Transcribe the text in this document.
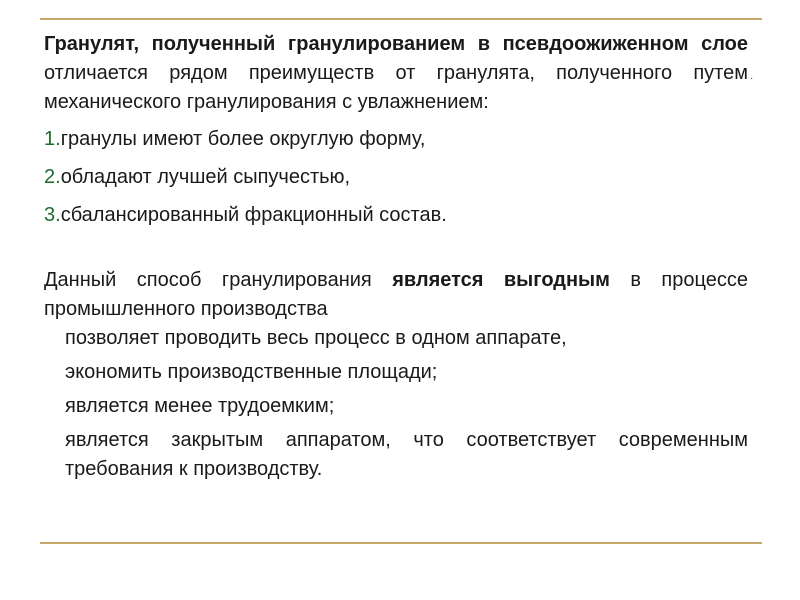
·

Гранулят, полученный гранулированием в псевдоожиженном слое отличается рядом преимуществ от гранулята, полученного путем механического гранулирования с увлажнением:

1. гранулы имеют более округлую форму,
2. обладают лучшей сыпучестью,
3. сбалансированный фракционный состав.

Данный способ гранулирования является выгодным в процессе промышленного производства

позволяет проводить весь процесс в одном аппарате,
экономить производственные площади;
является менее трудоемким;
является закрытым аппаратом, что соответствует современным требования к производству.
